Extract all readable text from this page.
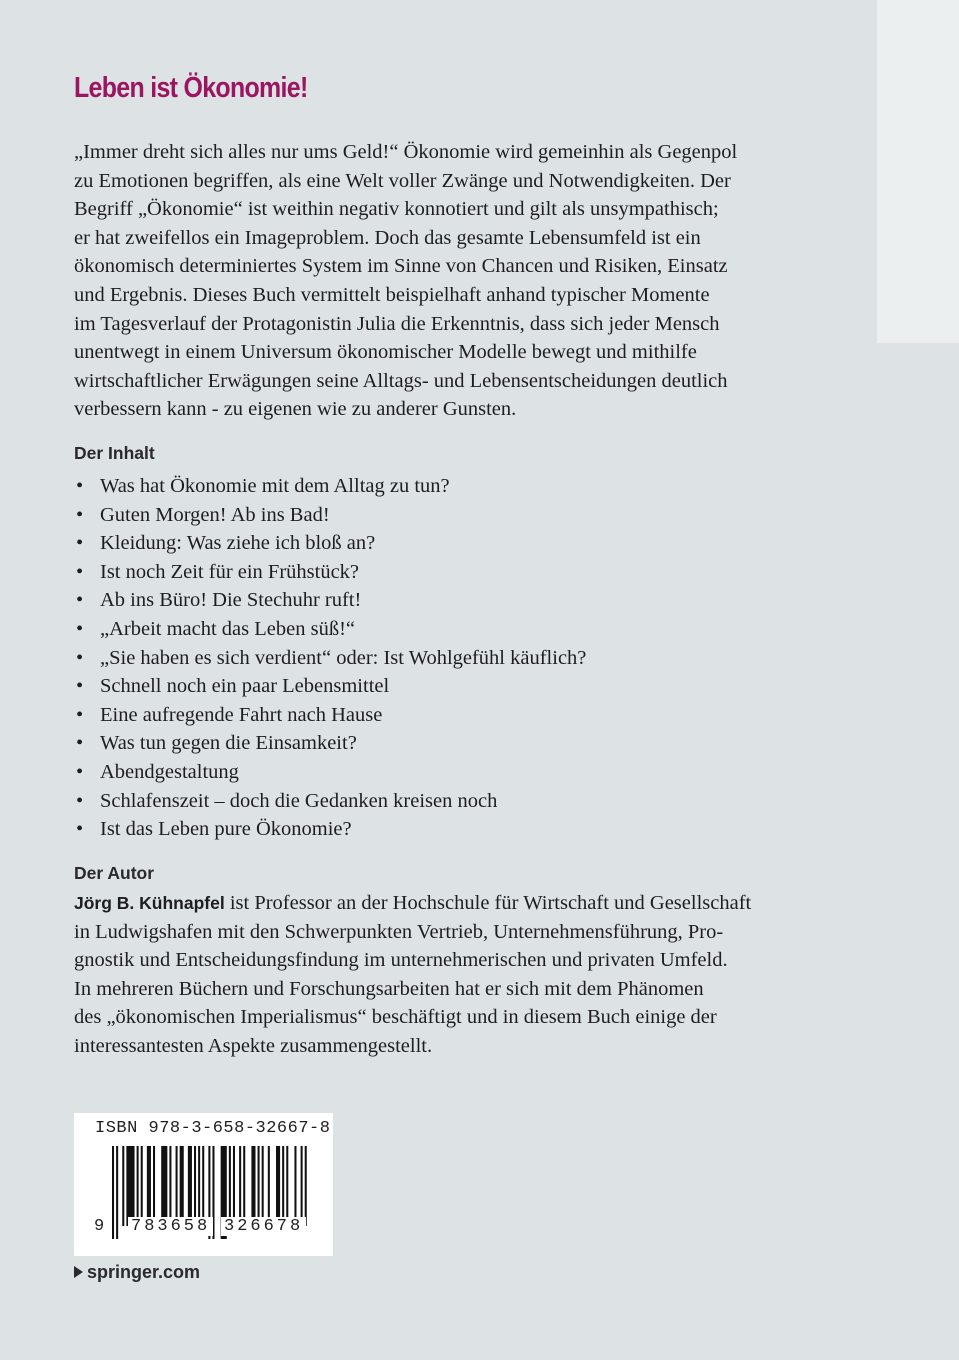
Leben ist Ökonomie!
„Immer dreht sich alles nur ums Geld!“ Ökonomie wird gemeinhin als Gegenpol
zu Emotionen begriffen, als eine Welt voller Zwänge und Notwendigkeiten. Der
Begriff „Ökonomie“ ist weithin negativ konnotiert und gilt als unsympathisch;
er hat zweifellos ein Imageproblem. Doch das gesamte Lebensumfeld ist ein
ökonomisch determiniertes System im Sinne von Chancen und Risiken, Einsatz
und Ergebnis. Dieses Buch vermittelt beispielhaft anhand typischer Momente
im Tagesverlauf der Protagonistin Julia die Erkenntnis, dass sich jeder Mensch
unentwegt in einem Universum ökonomischer Modelle bewegt und mithilfe
wirtschaftlicher Erwägungen seine Alltags- und Lebensentscheidungen deutlich
verbessern kann - zu eigenen wie zu anderer Gunsten.
Der Inhalt
• Was hat Ökonomie mit dem Alltag zu tun?
• Guten Morgen! Ab ins Bad!
• Kleidung: Was ziehe ich bloß an?
• Ist noch Zeit für ein Frühstück?
• Ab ins Büro! Die Stechuhr ruft!
• „Arbeit macht das Leben süß!“
• „Sie haben es sich verdient“ oder: Ist Wohlgefühl käuflich?
• Schnell noch ein paar Lebensmittel
• Eine aufregende Fahrt nach Hause
• Was tun gegen die Einsamkeit?
• Abendgestaltung
• Schlafenszeit – doch die Gedanken kreisen noch
• Ist das Leben pure Ökonomie?
Der Autor
Jörg B. Kühnapfel ist Professor an der Hochschule für Wirtschaft und Gesellschaft
in Ludwigshafen mit den Schwerpunkten Vertrieb, Unternehmensführung, Pro-
gnostik und Entscheidungsfindung im unternehmerischen und privaten Umfeld.
In mehreren Büchern und Forschungsarbeiten hat er sich mit dem Phänomen
des „ökonomischen Imperialismus“ beschäftigt und in diesem Buch einige der
interessantesten Aspekte zusammengestellt.
ISBN 978-3-658-32667-8
9 783658 326678
springer.com
